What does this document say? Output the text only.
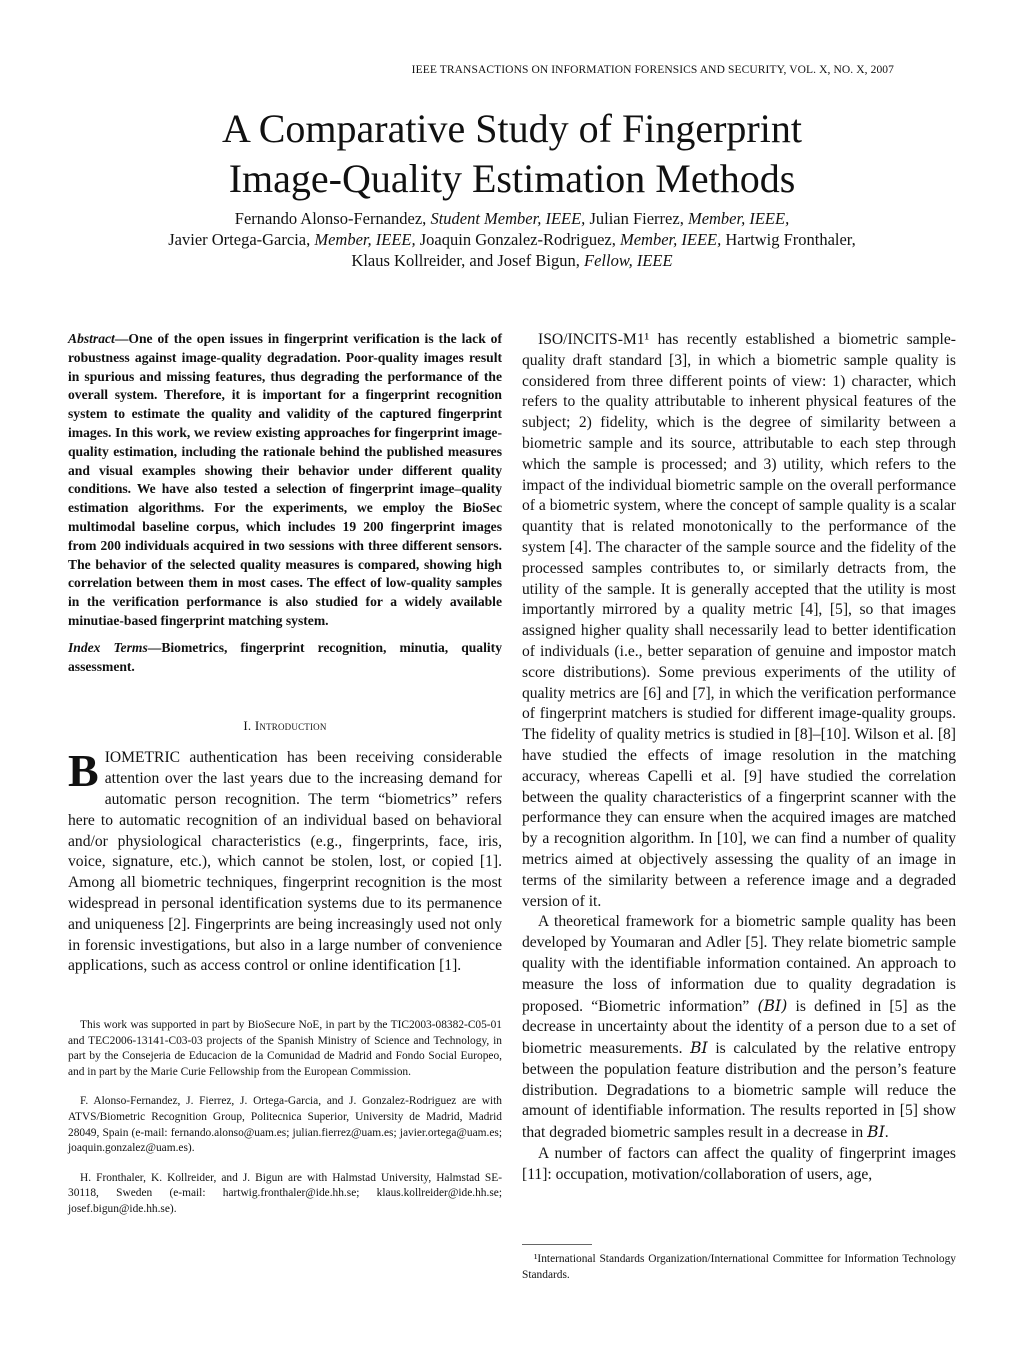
IEEE TRANSACTIONS ON INFORMATION FORENSICS AND SECURITY, VOL. X, NO. X, 2007
A Comparative Study of Fingerprint
Image-Quality Estimation Methods
Fernando Alonso-Fernandez, Student Member, IEEE, Julian Fierrez, Member, IEEE,
Javier Ortega-Garcia, Member, IEEE, Joaquin Gonzalez-Rodriguez, Member, IEEE, Hartwig Fronthaler,
Klaus Kollreider, and Josef Bigun, Fellow, IEEE

Abstract—One of the open issues in fingerprint verification is the lack of robustness against image-quality degradation. Poor-quality images result in spurious and missing features, thus degrading the performance of the overall system. Therefore, it is important for a fingerprint recognition system to estimate the quality and validity of the captured fingerprint images. In this work, we review existing approaches for fingerprint image-quality estimation, including the rationale behind the published measures and visual examples showing their behavior under different quality conditions. We have also tested a selection of fingerprint image–quality estimation algorithms. For the experiments, we employ the BioSec multimodal baseline corpus, which includes 19 200 fingerprint images from 200 individuals acquired in two sessions with three different sensors. The behavior of the selected quality measures is compared, showing high correlation between them in most cases. The effect of low-quality samples in the verification performance is also studied for a widely available minutiae-based fingerprint matching system.

Index Terms—Biometrics, fingerprint recognition, minutia, quality assessment.

I. Introduction

BIOMETRIC authentication has been receiving considerable attention over the last years due to the increasing demand for automatic person recognition. The term “biometrics” refers here to automatic recognition of an individual based on behavioral and/or physiological characteristics (e.g., fingerprints, face, iris, voice, signature, etc.), which cannot be stolen, lost, or copied [1]. Among all biometric techniques, fingerprint recognition is the most widespread in personal identification systems due to its permanence and uniqueness [2]. Fingerprints are being increasingly used not only in forensic investigations, but also in a large number of convenience applications, such as access control or online identification [1].

This work was supported in part by BioSecure NoE, in part by the TIC2003-08382-C05-01 and TEC2006-13141-C03-03 projects of the Spanish Ministry of Science and Technology, in part by the Consejeria de Educacion de la Comunidad de Madrid and Fondo Social Europeo, and in part by the Marie Curie Fellowship from the European Commission.

F. Alonso-Fernandez, J. Fierrez, J. Ortega-Garcia, and J. Gonzalez-Rodriguez are with ATVS/Biometric Recognition Group, Politecnica Superior, University de Madrid, Madrid 28049, Spain (e-mail: fernando.alonso@uam.es; julian.fierrez@uam.es; javier.ortega@uam.es; joaquin.gonzalez@uam.es).

H. Fronthaler, K. Kollreider, and J. Bigun are with Halmstad University, Halmstad SE-30118, Sweden (e-mail: hartwig.fronthaler@ide.hh.se; klaus.kollreider@ide.hh.se; josef.bigun@ide.hh.se).

ISO/INCITS-M1¹ has recently established a biometric sample-quality draft standard [3], in which a biometric sample quality is considered from three different points of view: 1) character, which refers to the quality attributable to inherent physical features of the subject; 2) fidelity, which is the degree of similarity between a biometric sample and its source, attributable to each step through which the sample is processed; and 3) utility, which refers to the impact of the individual biometric sample on the overall performance of a biometric system, where the concept of sample quality is a scalar quantity that is related monotonically to the performance of the system [4]. The character of the sample source and the fidelity of the processed samples contributes to, or similarly detracts from, the utility of the sample. It is generally accepted that the utility is most importantly mirrored by a quality metric [4], [5], so that images assigned higher quality shall necessarily lead to better identification of individuals (i.e., better separation of genuine and impostor match score distributions). Some previous experiments of the utility of quality metrics are [6] and [7], in which the verification performance of fingerprint matchers is studied for different image-quality groups. The fidelity of quality metrics is studied in [8]–[10]. Wilson et al. [8] have studied the effects of image resolution in the matching accuracy, whereas Capelli et al. [9] have studied the correlation between the quality characteristics of a fingerprint scanner with the performance they can ensure when the acquired images are matched by a recognition algorithm. In [10], we can find a number of quality metrics aimed at objectively assessing the quality of an image in terms of the similarity between a reference image and a degraded version of it.

A theoretical framework for a biometric sample quality has been developed by Youmaran and Adler [5]. They relate biometric sample quality with the identifiable information contained. An approach to measure the loss of information due to quality degradation is proposed. “Biometric information” (BI) is defined in [5] as the decrease in uncertainty about the identity of a person due to a set of biometric measurements. BI is calculated by the relative entropy between the population feature distribution and the person’s feature distribution. Degradations to a biometric sample will reduce the amount of identifiable information. The results reported in [5] show that degraded biometric samples result in a decrease in BI.

A number of factors can affect the quality of fingerprint images [11]: occupation, motivation/collaboration of users, age,

¹International Standards Organization/International Committee for Information Technology Standards.
